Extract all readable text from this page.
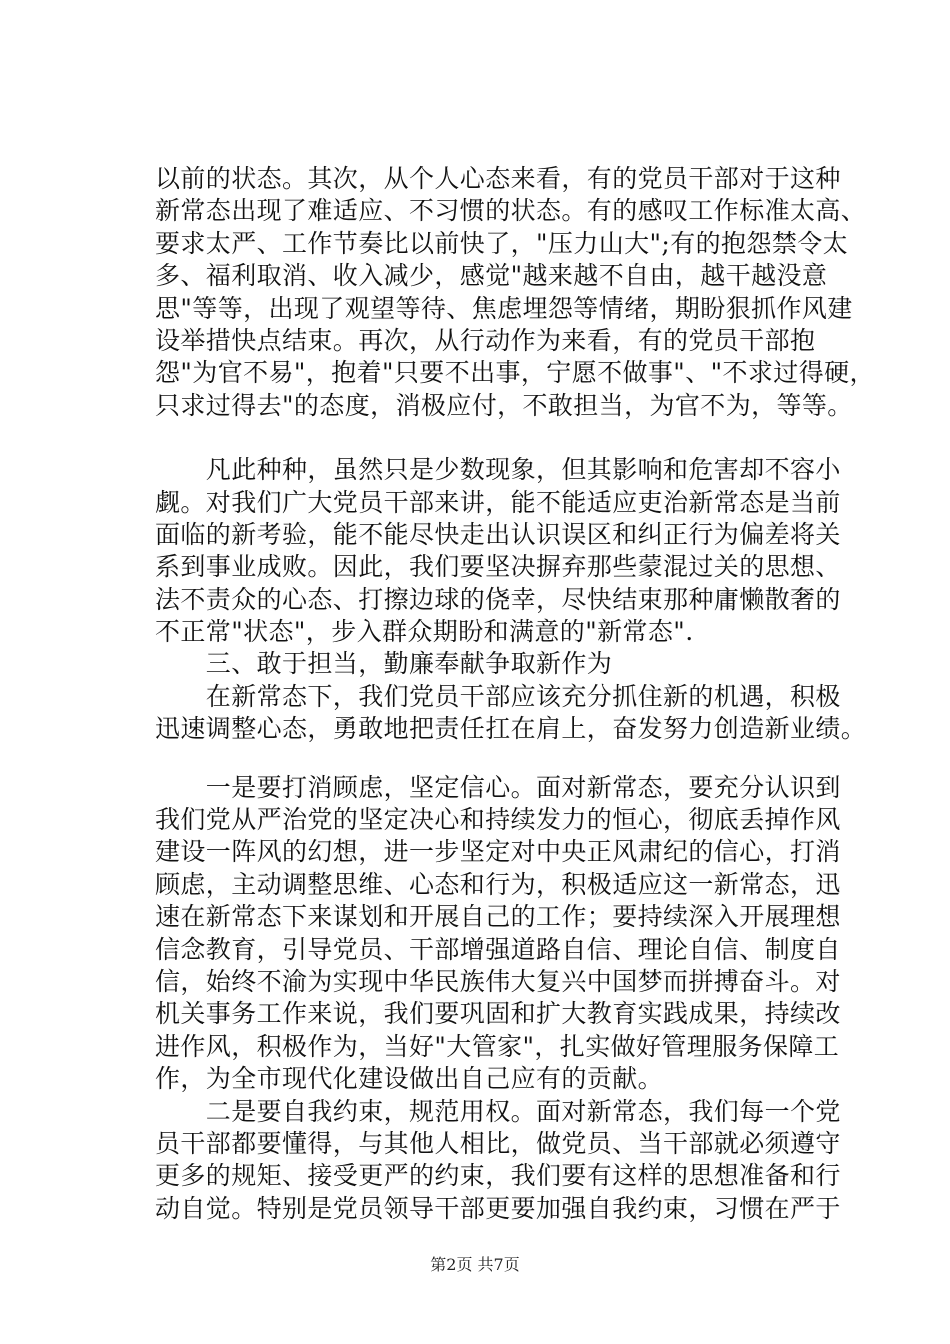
以前的状态。其次，从个人心态来看，有的党员干部对于这种
新常态出现了难适应、不习惯的状态。有的感叹工作标准太高、
要求太严、工作节奏比以前快了，"压力山大";有的抱怨禁令太
多、福利取消、收入减少，感觉"越来越不自由，越干越没意
思"等等，出现了观望等待、焦虑埋怨等情绪，期盼狠抓作风建
设举措快点结束。再次，从行动作为来看，有的党员干部抱
怨"为官不易"，抱着"只要不出事，宁愿不做事"、"不求过得硬，
只求过得去"的态度，消极应付，不敢担当，为官不为，等等。
　　凡此种种，虽然只是少数现象，但其影响和危害却不容小
觑。对我们广大党员干部来讲，能不能适应吏治新常态是当前
面临的新考验，能不能尽快走出认识误区和纠正行为偏差将关
系到事业成败。因此，我们要坚决摒弃那些蒙混过关的思想、
法不责众的心态、打擦边球的侥幸，尽快结束那种庸懒散奢的
不正常"状态"，步入群众期盼和满意的"新常态".
　　三、敢于担当，勤廉奉献争取新作为
　　在新常态下，我们党员干部应该充分抓住新的机遇，积极
迅速调整心态，勇敢地把责任扛在肩上，奋发努力创造新业绩。
　　一是要打消顾虑，坚定信心。面对新常态，要充分认识到
我们党从严治党的坚定决心和持续发力的恒心，彻底丢掉作风
建设一阵风的幻想，进一步坚定对中央正风肃纪的信心，打消
顾虑，主动调整思维、心态和行为，积极适应这一新常态，迅
速在新常态下来谋划和开展自己的工作；要持续深入开展理想
信念教育，引导党员、干部增强道路自信、理论自信、制度自
信，始终不渝为实现中华民族伟大复兴中国梦而拼搏奋斗。对
机关事务工作来说，我们要巩固和扩大教育实践成果，持续改
进作风，积极作为，当好"大管家"，扎实做好管理服务保障工
作，为全市现代化建设做出自己应有的贡献。
　　二是要自我约束，规范用权。面对新常态，我们每一个党
员干部都要懂得，与其他人相比，做党员、当干部就必须遵守
更多的规矩、接受更严的约束，我们要有这样的思想准备和行
动自觉。特别是党员领导干部更要加强自我约束，习惯在严于
第2页 共7页
